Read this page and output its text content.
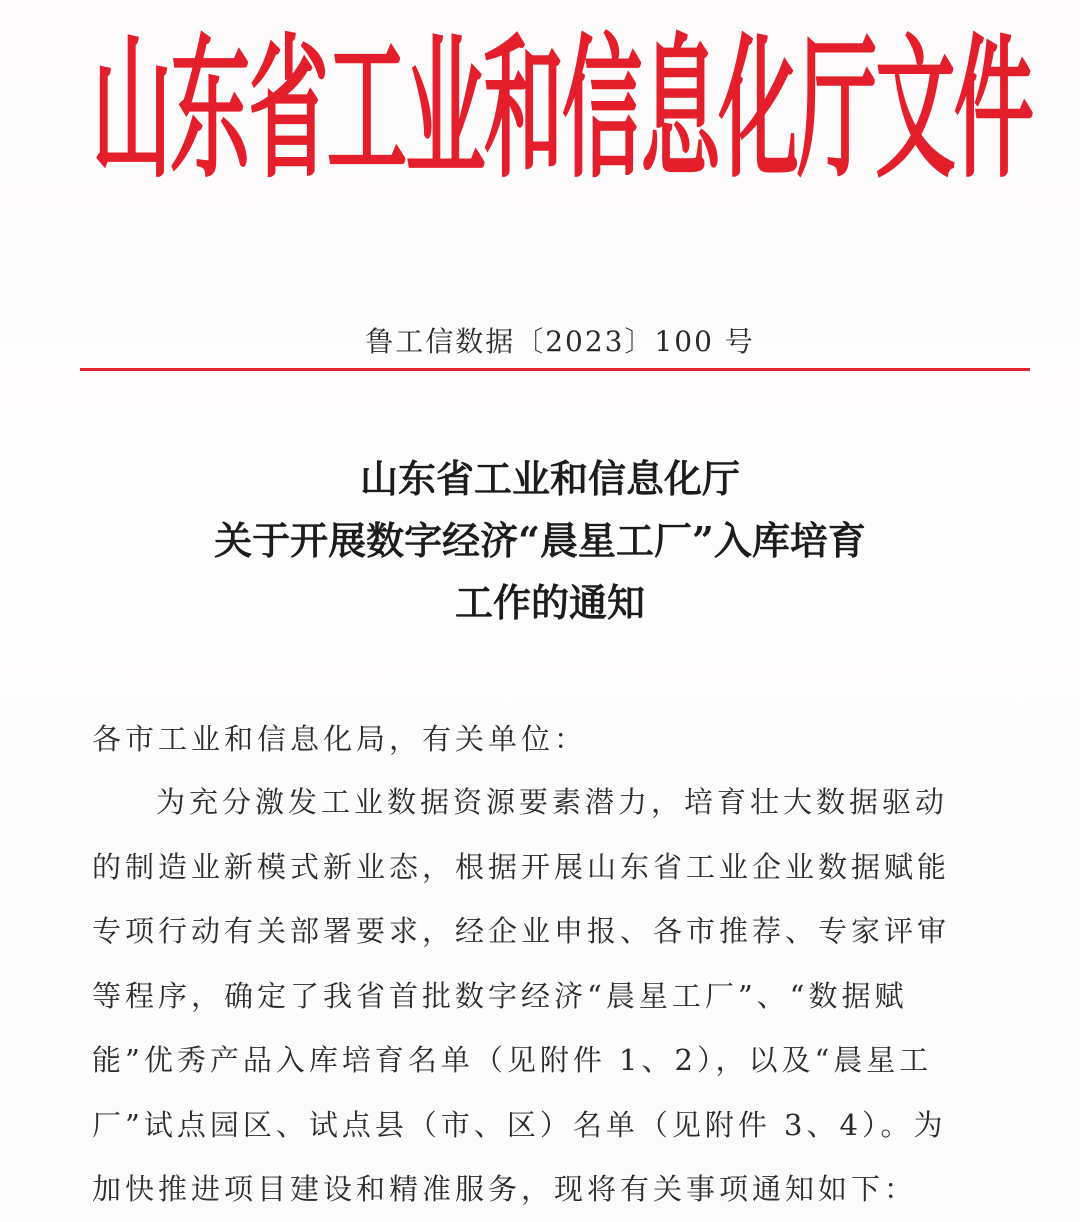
山东省工业和信息化厅文件
鲁工信数据〔2023〕100 号
山东省工业和信息化厅
关于开展数字经济“晨星工厂”入库培育
工作的通知
各市工业和信息化局，有关单位：
为充分激发工业数据资源要素潜力，培育壮大数据驱动
的制造业新模式新业态，根据开展山东省工业企业数据赋能
专项行动有关部署要求，经企业申报、各市推荐、专家评审
等程序，确定了我省首批数字经济“晨星工厂”、“数据赋
能”优秀产品入库培育名单（见附件 1、2），以及“晨星工
厂”试点园区、试点县（市、区）名单（见附件 3、4）。为
加快推进项目建设和精准服务，现将有关事项通知如下：
